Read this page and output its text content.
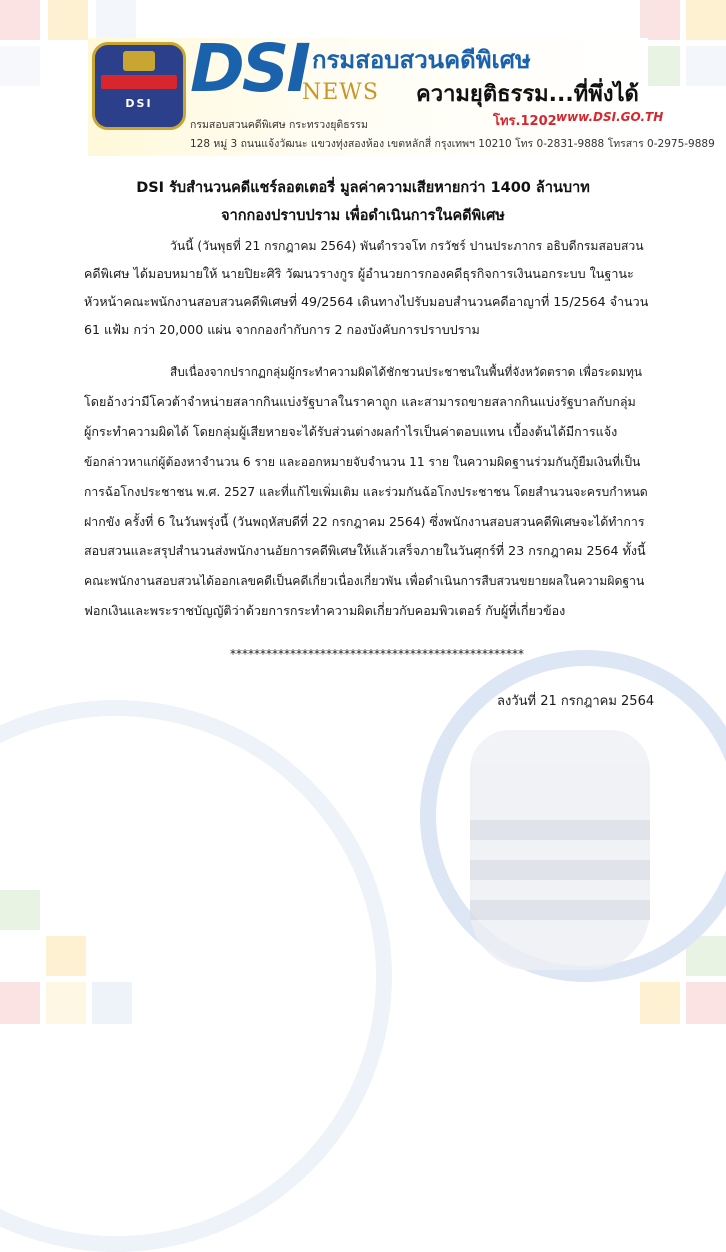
DSI DSI
NEWS
กรมสอบสวนคดีพิเศษ
ความยุติธรรม...ที่พึ่งได้
โทร.1202 www.DSI.GO.TH
กรมสอบสวนคดีพิเศษ กระทรวงยุติธรรม
128 หมู่ 3 ถนนแจ้งวัฒนะ แขวงทุ่งสองห้อง เขตหลักสี่ กรุงเทพฯ 10210 โทร 0-2831-9888 โทรสาร 0-2975-9889
DSI รับสำนวนคดีแชร์ลอตเตอรี่ มูลค่าความเสียหายกว่า 1400 ล้านบาท
จากกองปราบปราม เพื่อดำเนินการในคดีพิเศษ
วันนี้ (วันพุธที่ 21 กรกฎาคม 2564) พันตำรวจโท กรวัชร์ ปานประภากร อธิบดีกรมสอบสวน
คดีพิเศษ ได้มอบหมายให้ นายปิยะศิริ วัฒนวรางกูร ผู้อำนวยการกองคดีธุรกิจการเงินนอกระบบ ในฐานะ
หัวหน้าคณะพนักงานสอบสวนคดีพิเศษที่ 49/2564 เดินทางไปรับมอบสำนวนคดีอาญาที่ 15/2564 จำนวน
61 แฟ้ม กว่า 20,000 แผ่น จากกองกำกับการ 2 กองบังคับการปราบปราม
สืบเนื่องจากปรากฏกลุ่มผู้กระทำความผิดได้ชักชวนประชาชนในพื้นที่จังหวัดตราด เพื่อระดมทุน
โดยอ้างว่ามีโควต้าจำหน่ายสลากกินแบ่งรัฐบาลในราคาถูก และสามารถขายสลากกินแบ่งรัฐบาลกับกลุ่ม
ผู้กระทำความผิดได้ โดยกลุ่มผู้เสียหายจะได้รับส่วนต่างผลกำไรเป็นค่าตอบแทน เบื้องต้นได้มีการแจ้ง
ข้อกล่าวหาแก่ผู้ต้องหาจำนวน 6 ราย และออกหมายจับจำนวน 11 ราย ในความผิดฐานร่วมกันกู้ยืมเงินที่เป็น
การฉ้อโกงประชาชน พ.ศ. 2527 และที่แก้ไขเพิ่มเติม และร่วมกันฉ้อโกงประชาชน โดยสำนวนจะครบกำหนด
ฝากขัง ครั้งที่ 6 ในวันพรุ่งนี้ (วันพฤหัสบดีที่ 22 กรกฎาคม 2564) ซึ่งพนักงานสอบสวนคดีพิเศษจะได้ทำการ
สอบสวนและสรุปสำนวนส่งพนักงานอัยการคดีพิเศษให้แล้วเสร็จภายในวันศุกร์ที่ 23 กรกฎาคม 2564 ทั้งนี้
คณะพนักงานสอบสวนได้ออกเลขคดีเป็นคดีเกี่ยวเนื่องเกี่ยวพัน เพื่อดำเนินการสืบสวนขยายผลในความผิดฐาน
ฟอกเงินและพระราชบัญญัติว่าด้วยการกระทำความผิดเกี่ยวกับคอมพิวเตอร์ กับผู้ที่เกี่ยวข้อง
*************************************************
ลงวันที่ 21 กรกฎาคม 2564
